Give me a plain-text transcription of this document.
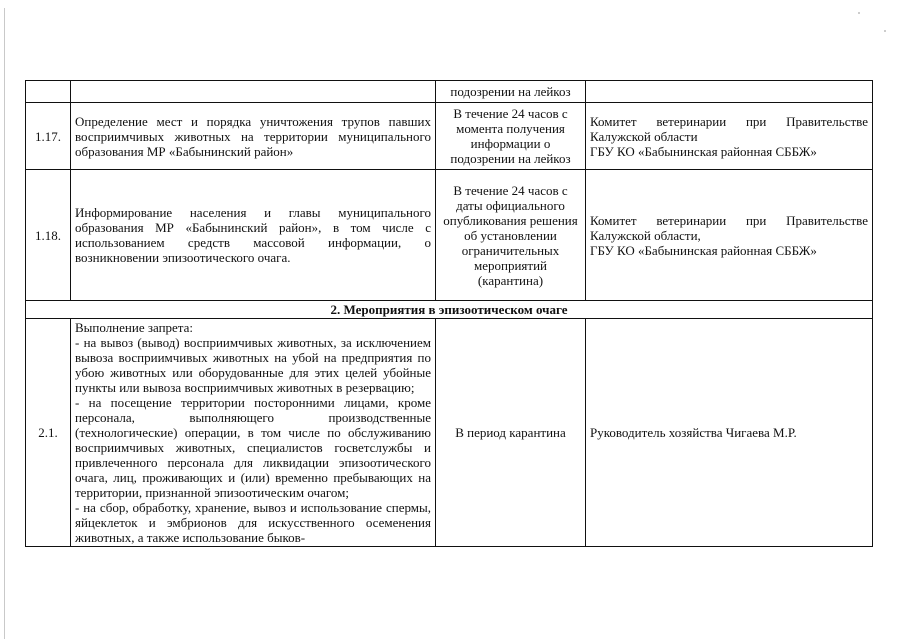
		подозрении на лейкоз	
1.17.	Определение мест и порядка уничтожения трупов павших восприимчивых животных на территории муниципального образования МР «Бабынинский район»	В течение 24 часов с момента получения информации о подозрении на лейкоз	Комитет ветеринарии при Правительстве Калужской области
ГБУ КО «Бабынинская районная СББЖ»

1.18.	Информирование населения и главы муниципального образования МР «Бабынинский район», в том числе с использованием средств массовой информации, о возникновении эпизоотического очага.	В течение 24 часов с даты официального опубликования решения об установлении ограничительных мероприятий (карантина)	Комитет ветеринарии при Правительстве Калужской области,
ГБУ КО «Бабынинская районная СББЖ»

2. Мероприятия в эпизоотическом очаге			
2.1.	Выполнение запрета:
- на вывоз (вывод) восприимчивых животных, за исключением вывоза восприимчивых животных на убой на предприятия по убою животных или оборудованные для этих целей убойные пункты или вывоза восприимчивых животных в резервацию;
- на посещение территории посторонними лицами, кроме персонала, выполняющего производственные (технологические) операции, в том числе по обслуживанию восприимчивых животных, специалистов госветслужбы и привлеченного персонала для ликвидации эпизоотического очага, лиц, проживающих и (или) временно пребывающих на территории, признанной эпизоотическим очагом;
- на сбор, обработку, хранение, вывоз и использование спермы, яйцеклеток и эмбрионов для искусственного осеменения животных, а также использование быков-	В период карантина	Руководитель хозяйства Чигаева М.Р.
